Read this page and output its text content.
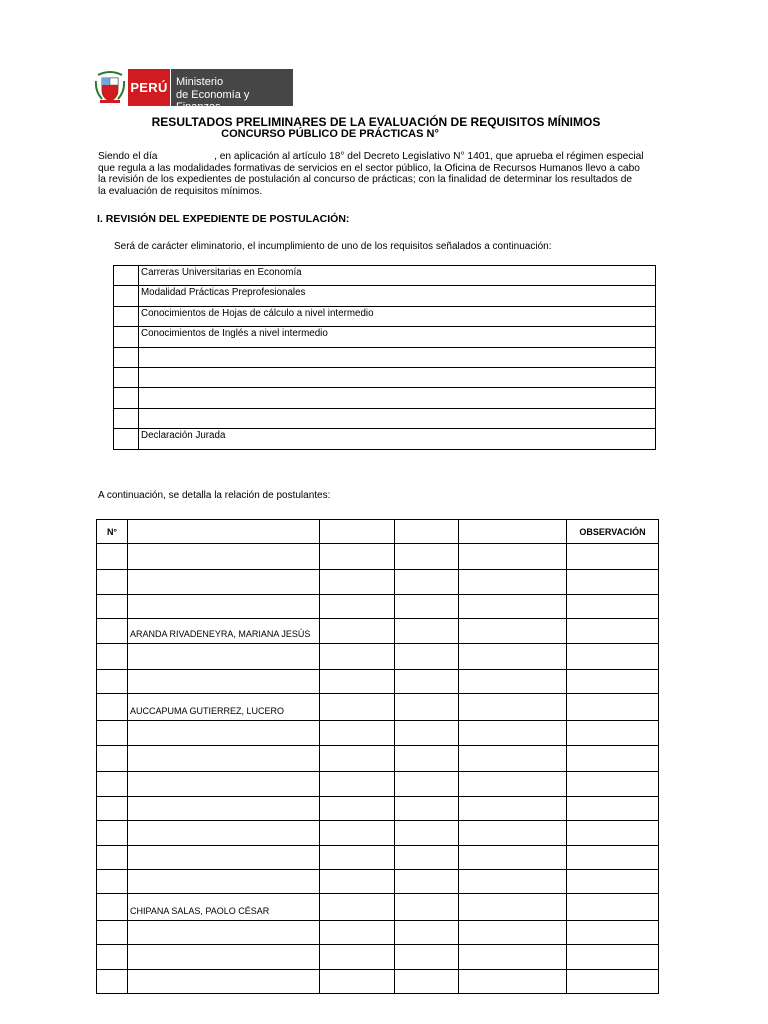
PERÚ Ministerio
de Economía y Finanzas
RESULTADOS PRELIMINARES DE LA EVALUACIÓN DE REQUISITOS MÍNIMOS
CONCURSO PÚBLICO DE PRÁCTICAS N°

Siendo el día                    , en aplicación al artículo 18° del Decreto Legislativo N° 1401, que aprueba el régimen especial

que regula a las modalidades formativas de servicios en el sector público, la Oficina de Recursos Humanos llevo a cabo

la revisión de los expedientes de postulación al concurso de prácticas; con la finalidad de determinar los resultados de

la evaluación de requisitos mínimos.

I. REVISIÓN DEL EXPEDIENTE DE POSTULACIÓN:
Será de carácter eliminatorio, el incumplimiento de uno de los requisitos señalados a continuación:
	Carreras Universitarias en Economía
	Modalidad Prácticas Preprofesionales
	Conocimientos de Hojas de cálculo a nivel intermedio
	Conocimientos de Inglés a nivel intermedio

	Declaración Jurada
A continuación, se detalla la relación de postulantes:
N°					OBSERVACIÓN

	ARANDA RIVADENEYRA, MARIANA JESÚS				

	AUCCAPUMA GUTIERREZ, LUCERO				

	CHIPANA SALAS, PAOLO CÉSAR				
